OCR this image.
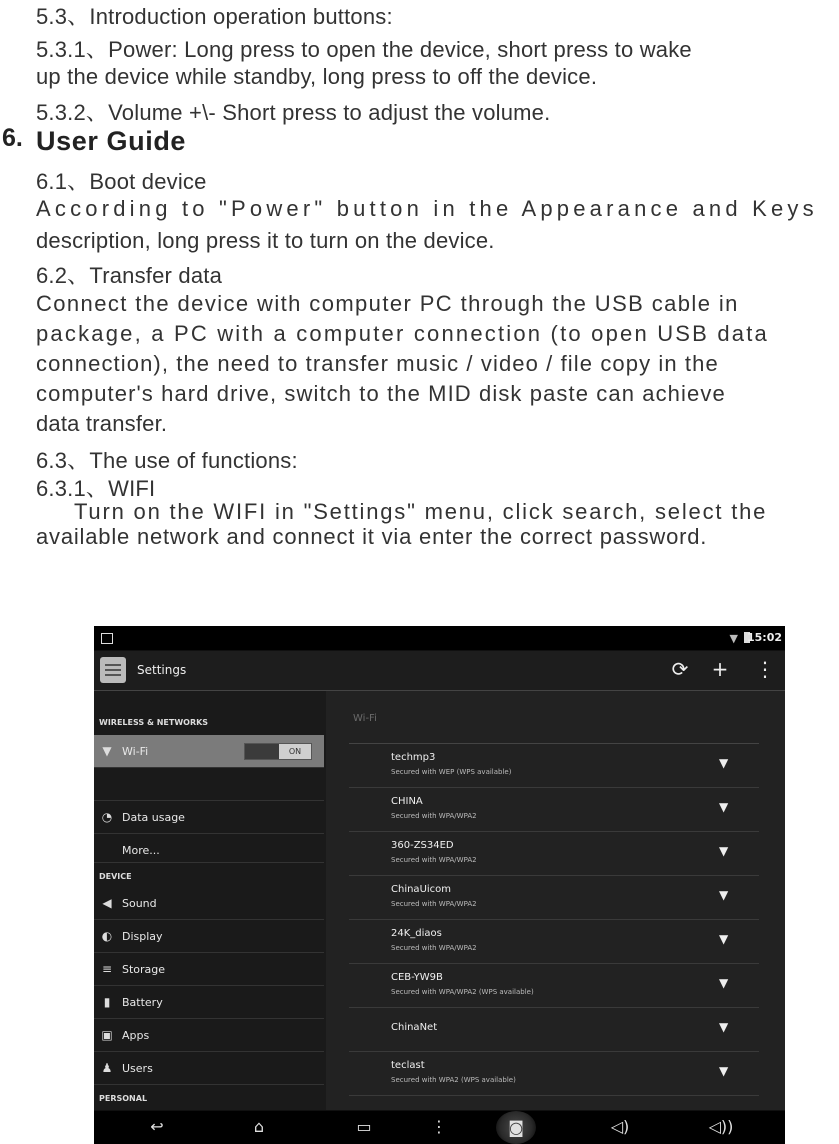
5.3、Introduction operation buttons:
5.3.1、Power: Long press to open the device, short press to wake
up the device while standby, long press to off the device.
5.3.2、Volume +\- Short press to adjust the volume.
6. User Guide
6.1、Boot device
According to "Power" button in the Appearance and Keys
description, long press it to turn on the device.
6.2、Transfer data
Connect the device with computer PC through the USB cable in
package, a PC with a computer connection (to open USB data
connection), the need to transfer music / video / file copy in the
computer's hard drive, switch to the MID disk paste can achieve
data transfer.
6.3、The use of functions:
6.3.1、WIFI
Turn on the WIFI in "Settings" menu, click search, select the
available network and connect it via enter the correct password.
▼ 15:02
Settings	⟳	+	⋮
WIRELESS & NETWORKS
▼ Wi-Fi	ON
◔ Data usage
More...
DEVICE
◀ Sound
◐ Display
≡ Storage
▮	Battery
▣ Apps
♟ Users
PERSONAL
Wi-Fi
techmp3
Secured with WEP (WPS available)
▼
CHINA
Secured with WPA/WPA2
▼
360-ZS34ED
Secured with WPA/WPA2
▼
ChinaUicom
Secured with WPA/WPA2
▼
24K_diaos
Secured with WPA/WPA2
▼
CEB-YW9B
Secured with WPA/WPA2 (WPS available)
▼
ChinaNet	▼
teclast
Secured with WPA2 (WPS available)
▼
↩	⌂	▭	⋮	◙	◁)	◁))
